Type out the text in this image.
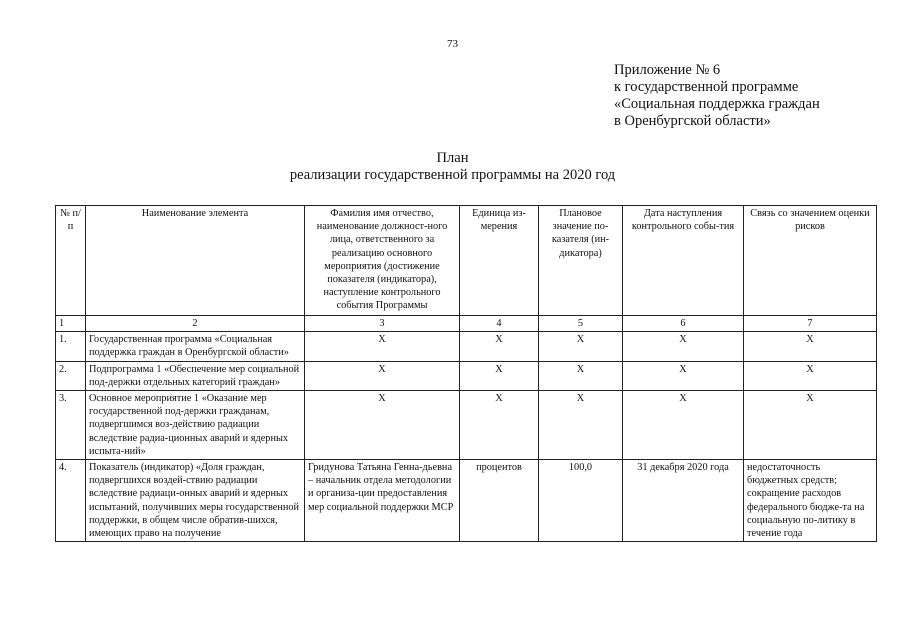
73
Приложение № 6
к государственной программе
«Социальная поддержка граждан
в Оренбургской области»
План
реализации государственной программы на 2020 год
№ п/п	Наименование элемента	Фамилия имя отчество, наименование должност-ного лица, ответственного за реализацию основного мероприятия (достижение показателя (индикатора), наступление контрольного события Программы	Единица из-мерения	Плановое значение по-казателя (ин-дикатора)	Дата наступления контрольного собы-тия	Связь со значением оценки рисков
1	2	3	4	5	6	7
1.	Государственная программа «Социальная поддержка граждан в Оренбургской области»	X	X	X	X	X
2.	Подпрограмма 1 «Обеспечение мер социальной под-держки отдельных категорий граждан»	X	X	X	X	X
3.	Основное мероприятие 1 «Оказание мер государственной под-держки гражданам, подвергшимся воз-действию радиации вследствие радиа-ционных аварий и ядерных испыта-ний»	X	X	X	X	X
4.	Показатель (индикатор) «Доля граждан, подвергшихся воздей-ствию радиации вследствие радиаци-онных аварий и ядерных испытаний, получивших меры государственной поддержки, в общем числе обратив-шихся, имеющих право на получение	Гридунова Татьяна Генна-дьевна – начальник отдела методологии и организа-ции предоставления мер социальной поддержки МСР	процентов	100,0	31 декабря 2020 года	недостаточность бюджетных средств; сокращение расходов федерального бюдже-та на социальную по-литику в течение года
